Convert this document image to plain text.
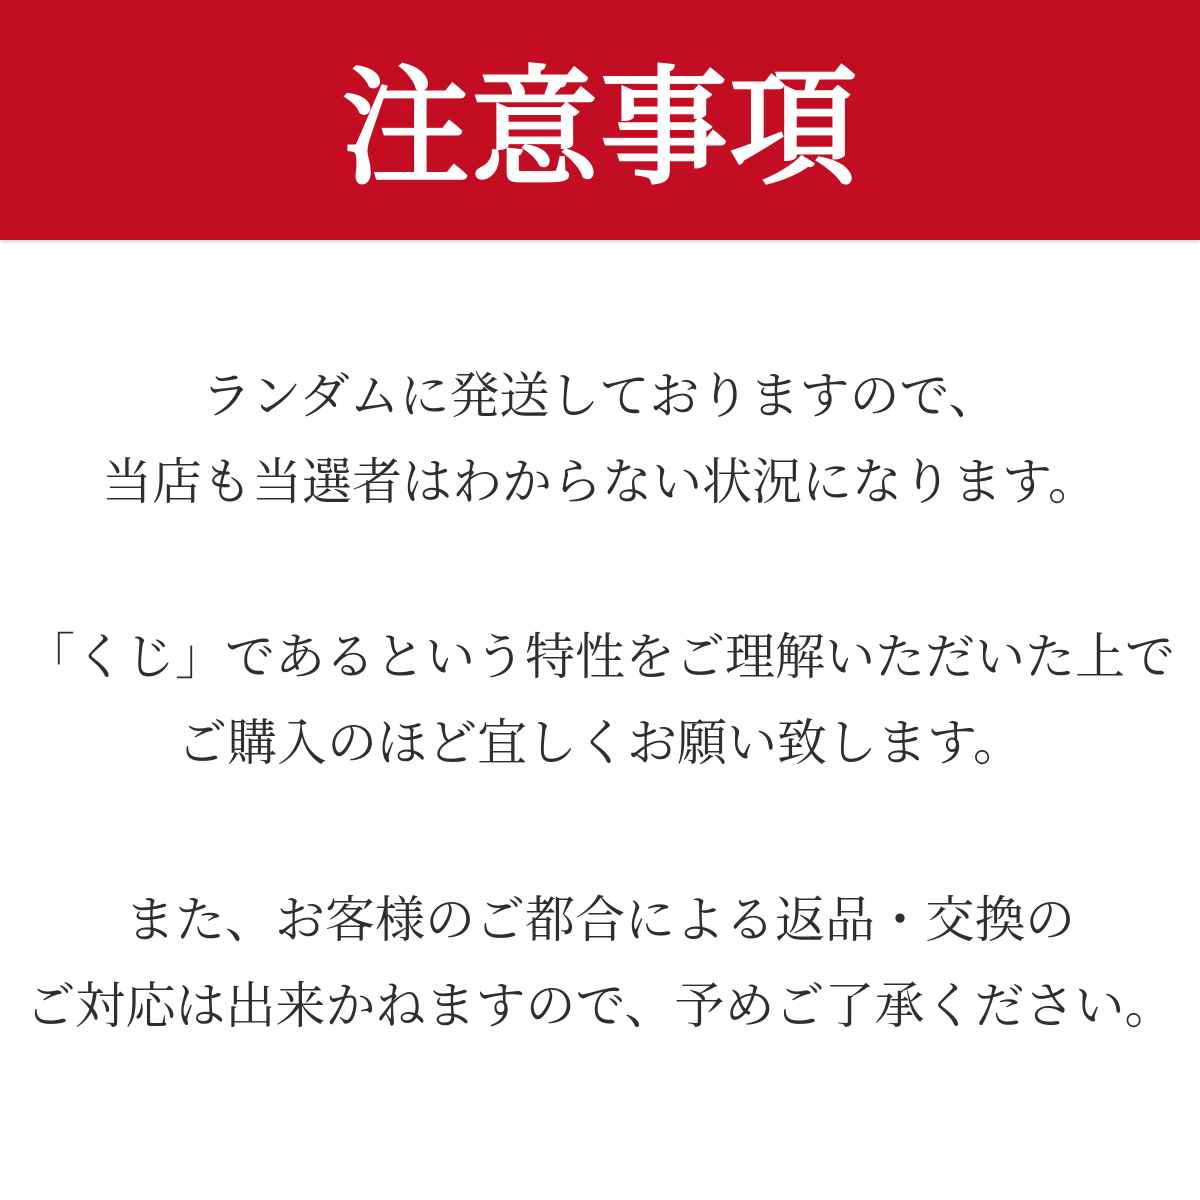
注意事項
ランダムに発送しておりますので、
当店も当選者はわからない状況になります。
「くじ」であるという特性をご理解いただいた上で
ご購入のほど宜しくお願い致します。
また、お客様のご都合による返品・交換の
ご対応は出来かねますので、予めご了承ください。
